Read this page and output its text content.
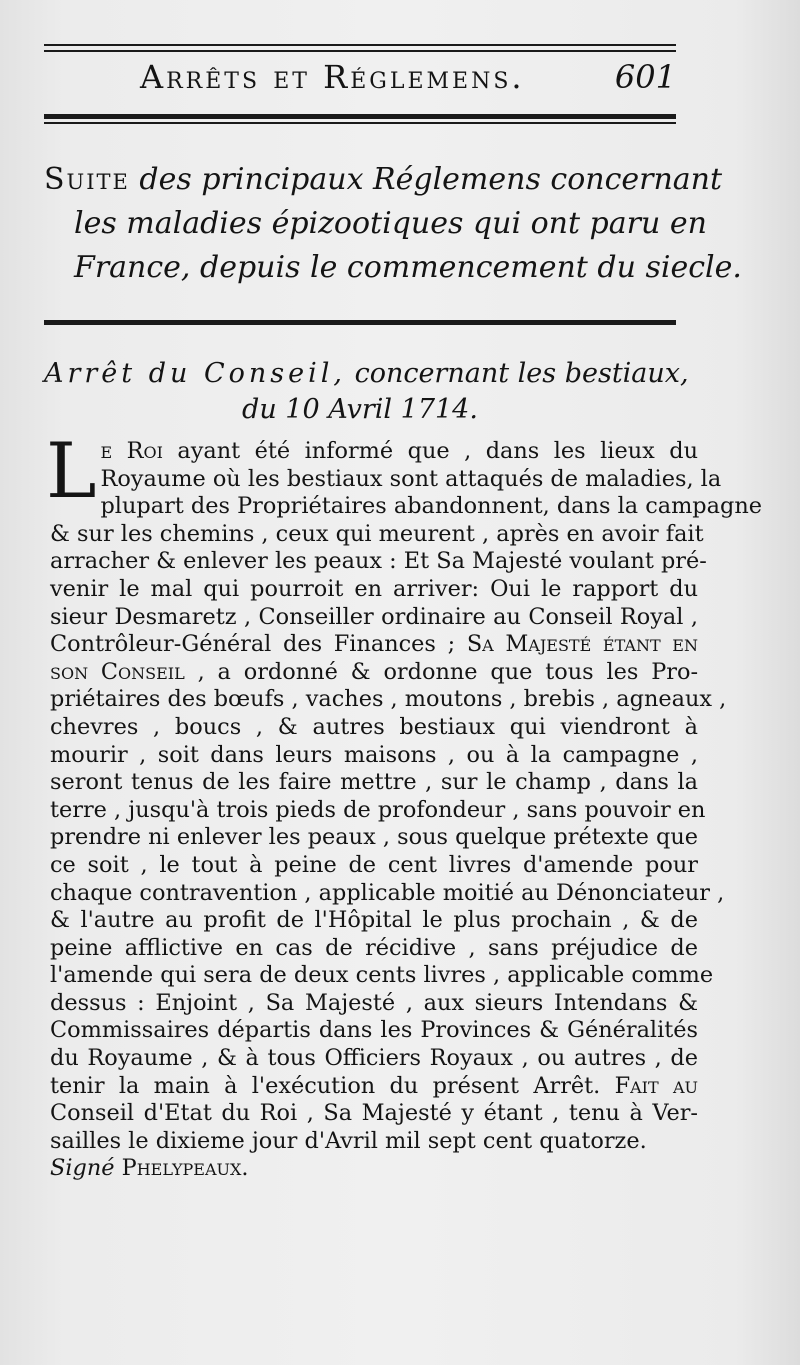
Arrêts et Réglemens.	601
Suite des principaux Réglemens concernant
les maladies épizootiques qui ont paru en
France, depuis le commencement du siecle.
Arrêt du Conseil, concernant les bestiaux,
du 10 Avril 1714.
L e Roi ayant été informé que , dans les lieux du
Royaume où les bestiaux sont attaqués de maladies, la
plupart des Propriétaires abandonnent, dans la campagne
& sur les chemins , ceux qui meurent , après en avoir fait
arracher & enlever les peaux : Et Sa Majesté voulant pré-
venir le mal qui pourroit en arriver: Oui le rapport du
sieur Desmaretz , Conseiller ordinaire au Conseil Royal ,
Contrôleur-Général des Finances ; Sa Majesté étant en
son Conseil , a ordonné & ordonne que tous les Pro-
priétaires des bœufs , vaches , moutons , brebis , agneaux ,
chevres , boucs , & autres bestiaux qui viendront à
mourir , soit dans leurs maisons , ou à la campagne ,
seront tenus de les faire mettre , sur le champ , dans la
terre , jusqu'à trois pieds de profondeur , sans pouvoir en
prendre ni enlever les peaux , sous quelque prétexte que
ce soit , le tout à peine de cent livres d'amende pour
chaque contravention , applicable moitié au Dénonciateur ,
& l'autre au profit de l'Hôpital le plus prochain , & de
peine afflictive en cas de récidive , sans préjudice de
l'amende qui sera de deux cents livres , applicable comme
dessus : Enjoint , Sa Majesté , aux sieurs Intendans &
Commissaires départis dans les Provinces & Généralités
du Royaume , & à tous Officiers Royaux , ou autres , de
tenir la main à l'exécution du présent Arrêt. Fait au
Conseil d'Etat du Roi , Sa Majesté y étant , tenu à Ver-
sailles le dixieme jour d'Avril mil sept cent quatorze.
Signé Phelypeaux.
